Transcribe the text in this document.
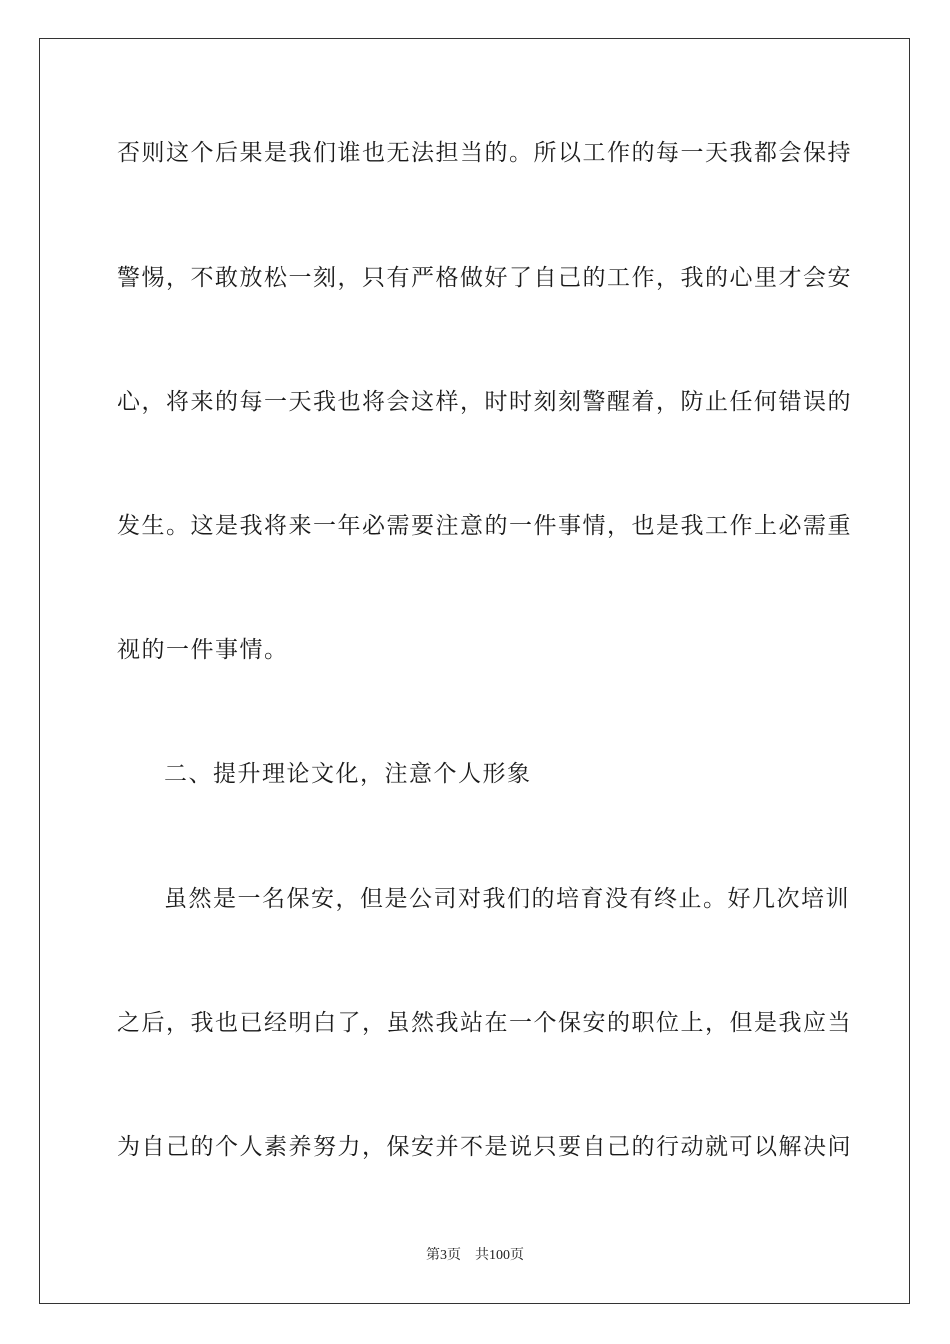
否则这个后果是我们谁也无法担当的。所以工作的每一天我都会保持
警惕，不敢放松一刻，只有严格做好了自己的工作，我的心里才会安
心，将来的每一天我也将会这样，时时刻刻警醒着，防止任何错误的
发生。这是我将来一年必需要注意的一件事情，也是我工作上必需重
视的一件事情。
二、提升理论文化，注意个人形象
虽然是一名保安，但是公司对我们的培育没有终止。好几次培训
之后，我也已经明白了，虽然我站在一个保安的职位上，但是我应当
为自己的个人素养努力，保安并不是说只要自己的行动就可以解决问
第3页 共100页
